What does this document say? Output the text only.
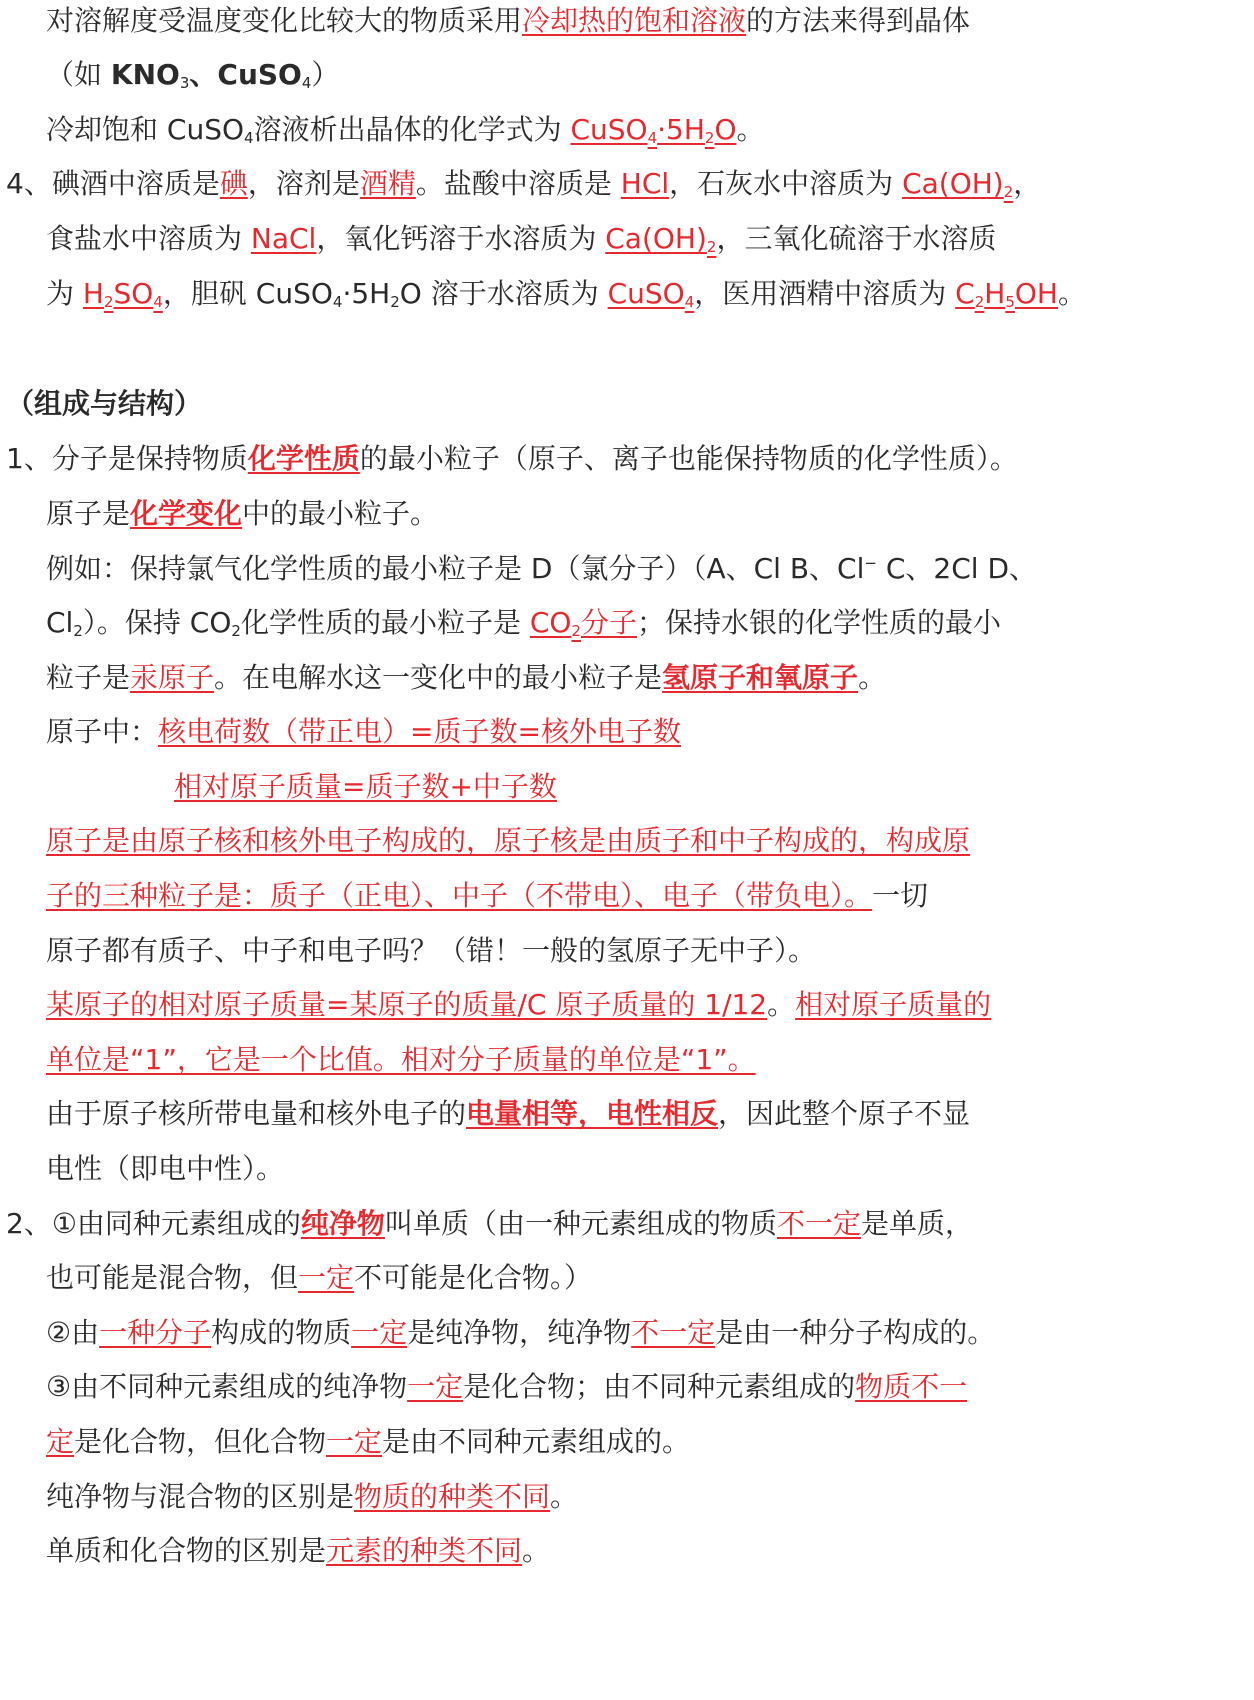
对溶解度受温度变化比较大的物质采用冷却热的饱和溶液的方法来得到晶体
（如 $KNO_3$、CuSO$_4$）
冷却饱和 CuSO$_4$溶液析出晶体的化学式为 $CuSO_4\cdot 5H_2O$。
4、碘酒中溶质是碘，溶剂是酒精。盐酸中溶质是 HCl，石灰水中溶质为 $Ca(OH)_2$，
食盐水中溶质为 NaCl，氧化钙溶于水溶质为 $Ca(OH)_2$，三氧化硫溶于水溶质
为 $H_2SO_4$，胆矾 $CuSO_4\cdot 5H_2O$ 溶于水溶质为 CuSO$_4$，医用酒精中溶质为 $C_2H_5OH$。
（组成与结构）
1、分子是保持物质化学性质的最小粒子（原子、离子也能保持物质的化学性质）。
原子是化学变化中的最小粒子。
例如：保持氯气化学性质的最小粒子是 D（氯分子）（A、Cl B、Cl− C、2Cl D、
$Cl_2$）。保持 $CO_2$化学性质的最小粒子是 $CO_2$分子；保持水银的化学性质的最小
粒子是汞原子。在电解水这一变化中的最小粒子是氢原子和氧原子。
原子中：核电荷数（带正电）=质子数=核外电子数
相对原子质量=质子数+中子数
原子是由原子核和核外电子构成的，原子核是由质子和中子构成的，构成原
子的三种粒子是：质子（正电）、中子（不带电）、电子（带负电）。一切
原子都有质子、中子和电子吗？（错！一般的氢原子无中子）。
某原子的相对原子质量=某原子的质量/C 原子质量的 1/12。相对原子质量的
单位是“1”，它是一个比值。相对分子质量的单位是“1”。
由于原子核所带电量和核外电子的电量相等，电性相反，因此整个原子不显
电性（即电中性）。
2、①由同种元素组成的纯净物叫单质（由一种元素组成的物质不一定是单质，
也可能是混合物，但一定不可能是化合物。）
②由一种分子构成的物质一定是纯净物，纯净物不一定是由一种分子构成的。
③由不同种元素组成的纯净物一定是化合物；由不同种元素组成的物质不一
定是化合物，但化合物一定是由不同种元素组成的。
纯净物与混合物的区别是物质的种类不同。
单质和化合物的区别是元素的种类不同。
